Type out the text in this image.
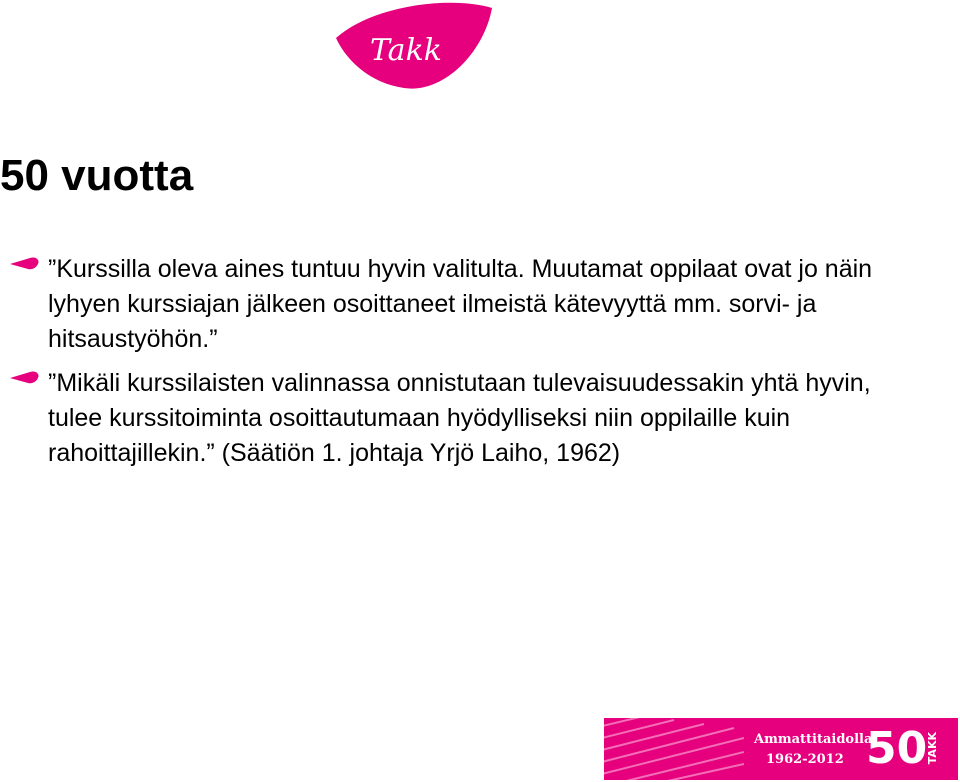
Takk
50 vuotta

”Kurssilla oleva aines tuntuu hyvin valitulta. Muutamat oppilaat ovat jo näin lyhyen kurssiajan jälkeen osoittaneet ilmeistä kätevyyttä mm. sorvi- ja hitsaustyöhön.”

”Mikäli kurssilaisten valinnassa onnistutaan tulevaisuudessakin yhtä hyvin, tulee kurssitoiminta osoittautumaan hyödylliseksi niin oppilaille kuin rahoittajillekin.” (Säätiön 1. johtaja Yrjö Laiho, 1962)

Ammattitaidolla
1962-2012 50
TAKK
